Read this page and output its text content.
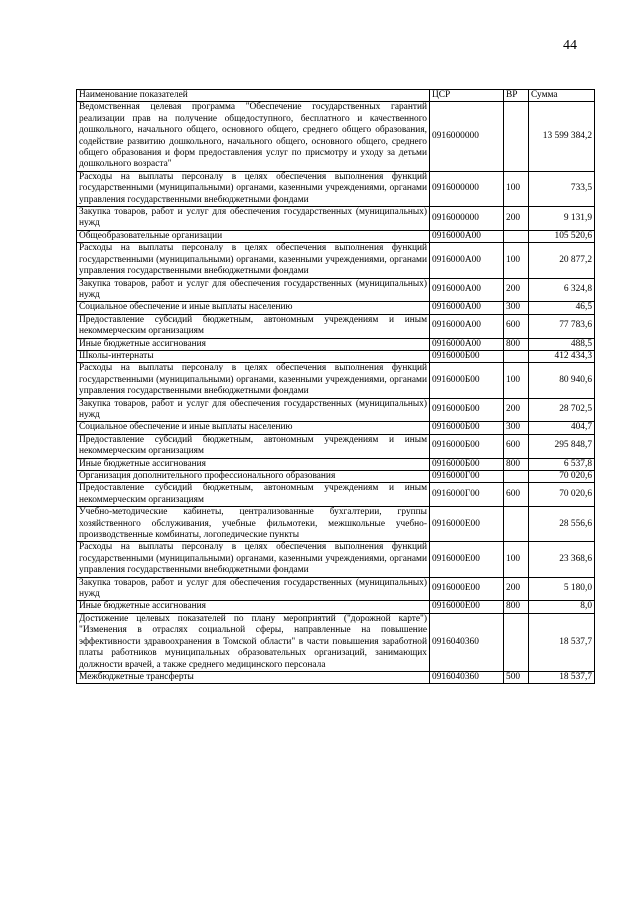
44
Наименование показателей	ЦСР	ВР	Сумма
Ведомственная целевая программа "Обеспечение государственных гарантий реализации прав на получение общедоступного, бесплатного и качественного дошкольного, начального общего, основного общего, среднего общего образования, содействие развитию дошкольного, начального общего, основного общего, среднего общего образования и форм предоставления услуг по присмотру и уходу за детьми дошкольного возраста"	0916000000		13 599 384,2
Расходы на выплаты персоналу в целях обеспечения выполнения функций государственными (муниципальными) органами, казенными учреждениями, органами управления государственными внебюджетными фондами	0916000000	100	733,5
Закупка товаров, работ и услуг для обеспечения государственных (муниципальных) нужд	0916000000	200	9 131,9
Общеобразовательные организации	0916000A00		105 520,6
Расходы на выплаты персоналу в целях обеспечения выполнения функций государственными (муниципальными) органами, казенными учреждениями, органами управления государственными внебюджетными фондами	0916000A00	100	20 877,2
Закупка товаров, работ и услуг для обеспечения государственных (муниципальных) нужд	0916000A00	200	6 324,8
Социальное обеспечение и иные выплаты населению	0916000A00	300	46,5
Предоставление субсидий бюджетным, автономным учреждениям и иным некоммерческим организациям	0916000A00	600	77 783,6
Иные бюджетные ассигнования	0916000A00	800	488,5
Школы-интернаты	0916000Б00		412 434,3
Расходы на выплаты персоналу в целях обеспечения выполнения функций государственными (муниципальными) органами, казенными учреждениями, органами управления государственными внебюджетными фондами	0916000Б00	100	80 940,6
Закупка товаров, работ и услуг для обеспечения государственных (муниципальных) нужд	0916000Б00	200	28 702,5
Социальное обеспечение и иные выплаты населению	0916000Б00	300	404,7
Предоставление субсидий бюджетным, автономным учреждениям и иным некоммерческим организациям	0916000Б00	600	295 848,7
Иные бюджетные ассигнования	0916000Б00	800	6 537,8
Организация дополнительного профессионального образования	0916000Г00		70 020,6
Предоставление субсидий бюджетным, автономным учреждениям и иным некоммерческим организациям	0916000Г00	600	70 020,6
Учебно-методические кабинеты, централизованные бухгалтерии, группы хозяйственного обслуживания, учебные фильмотеки, межшкольные учебно-производственные комбинаты, логопедические пункты	0916000Е00		28 556,6
Расходы на выплаты персоналу в целях обеспечения выполнения функций государственными (муниципальными) органами, казенными учреждениями, органами управления государственными внебюджетными фондами	0916000Е00	100	23 368,6
Закупка товаров, работ и услуг для обеспечения государственных (муниципальных) нужд	0916000Е00	200	5 180,0
Иные бюджетные ассигнования	0916000Е00	800	8,0
Достижение целевых показателей по плану мероприятий ("дорожной карте") "Изменения в отраслях социальной сферы, направленные на повышение эффективности здравоохранения в Томской области" в части повышения заработной платы работников муниципальных образовательных организаций, занимающих должности врачей, а также среднего медицинского персонала	0916040360		18 537,7
Межбюджетные трансферты	0916040360	500	18 537,7
